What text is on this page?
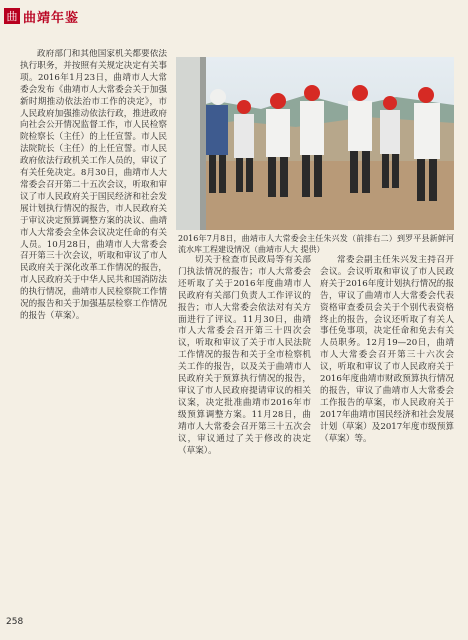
曲 曲靖年鉴

政府部门和其他国家机关都要依法执行职务，并按照有关规定决定有关事项。2016年1月23日，曲靖市人大常委会发布《曲靖市人大常委会关于加强新时期推动依法治市工作的决定》，市人民政府加强推动依法行政，推进政府向社会公开情况监督工作，市人民检察院检察长（主任）的上任宣誓。市人民法院院长（主任）的上任宣誓。市人民政府依法行政机关工作人员的，审议了有关任免决定。8月30日，曲靖市人大常委会召开第二十五次会议，听取和审议了市人民政府关于国民经济和社会发展计划执行情况的报告，市人民政府关于审议决定预算调整方案的决议、曲靖市人大常委会全体会议决定任命的有关人员。10月28日，曲靖市人大常委会召开第三十次会议，听取和审议了市人民政府关于深化改革工作情况的报告，市人民政府关于中华人民共和国消防法的执行情况，曲靖市人民检察院工作情况的报告和关于加强基层检察工作情况的报告（草案）。

2016年7月8日，曲靖市人大常委会主任朱兴发（前排右二）到罗平县新鲜河流水库工程建设情况（曲靖市人大 提供）

切关于检查市民政局等有关部门执法情况的报告；市人大常委会还听取了关于2016年度曲靖市人民政府有关部门负责人工作评议的报告；市人大常委会依法对有关方面进行了评议。11月30日，曲靖市人大常委会召开第三十四次会议，听取和审议了关于市人民法院工作情况的报告和关于全市检察机关工作的报告，以及关于曲靖市人民政府关于预算执行情况的报告，审议了市人民政府提请审议的相关议案，决定批准曲靖市2016年市级预算调整方案。11月28日，曲靖市人大常委会召开第三十五次会议，审议通过了关于修改的决定（草案）。

常委会副主任朱兴发主持召开会议。会议听取和审议了市人民政府关于2016年度计划执行情况的报告，审议了曲靖市人大常委会代表资格审查委员会关于个别代表资格终止的报告，会议还听取了有关人事任免事项，决定任命和免去有关人员职务。12月19—20日，曲靖市人大常委会召开第三十六次会议，听取和审议了市人民政府关于2016年度曲靖市财政预算执行情况的报告，审议了曲靖市人大常委会工作报告的草案，市人民政府关于2017年曲靖市国民经济和社会发展计划（草案）及2017年度市级预算（草案）等。

258
